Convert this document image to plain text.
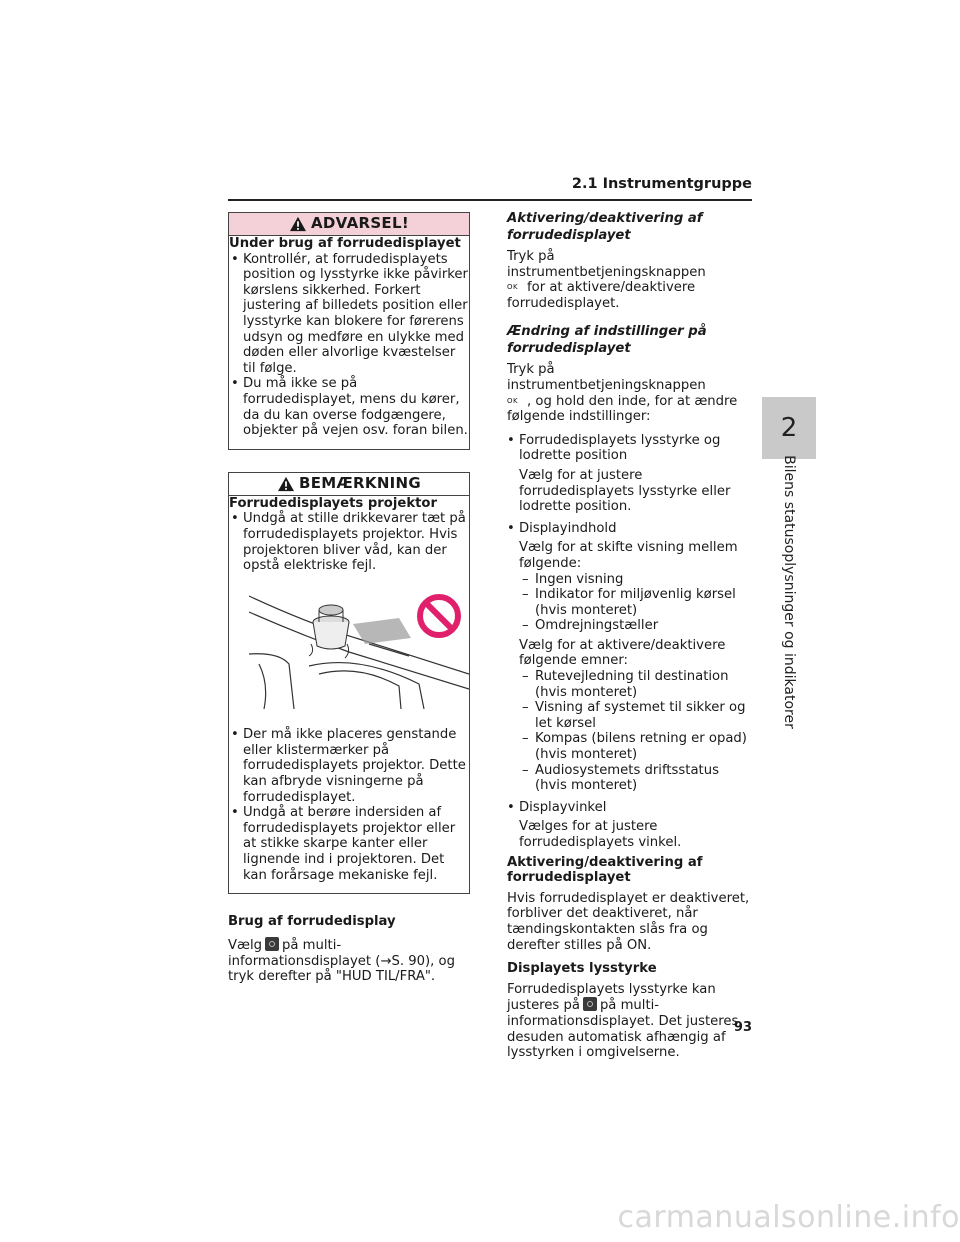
2.1 Instrumentgruppe
2
Bilens statusoplysninger og indikatorer
ADVARSEL!

Under brug af forrudedisplayet

• Kontrollér, at forrudedisplayets position og lysstyrke ikke påvirker kørslens sikkerhed. Forkert justering af billedets position eller lysstyrke kan blokere for førerens udsyn og medføre en ulykke med døden eller alvorlige kvæstelser til følge.

• Du må ikke se på forrudedisplayet, mens du kører, da du kan overse fodgængere, objekter på vejen osv. foran bilen.

BEMÆRKNING

Forrudedisplayets projektor

• Undgå at stille drikkevarer tæt på forrudedisplayets projektor. Hvis projektoren bliver våd, kan der opstå elektriske fejl.

• Der må ikke placeres genstande eller klistermærker på forrudedisplayets projektor. Dette kan afbryde visningerne på forrudedisplayet.

• Undgå at berøre indersiden af forrudedisplayets projektor eller at stikke skarpe kanter eller lignende ind i projektoren. Det kan forårsage mekaniske fejl.

Brug af forrudedisplay

Vælg på multi-informationsdisplayet (→S. 90), og tryk derefter på "HUD TIL/FRA".

Aktivering/deaktivering af forrudedisplayet

Tryk på instrumentbetjeningsknappen
OK for at aktivere/deaktivere forrudedisplayet.

Ændring af indstillinger på forrudedisplayet

Tryk på instrumentbetjeningsknappen
OK , og hold den inde, for at ændre følgende indstillinger:

• Forrudedisplayets lysstyrke og lodrette position

Vælg for at justere forrudedisplayets lysstyrke eller lodrette position.

• Displayindhold

Vælg for at skifte visning mellem følgende:

– Ingen visning

– Indikator for miljøvenlig kørsel (hvis monteret)

– Omdrejningstæller

Vælg for at aktivere/deaktivere følgende emner:

– Rutevejledning til destination (hvis monteret)

– Visning af systemet til sikker og let kørsel

– Kompas (bilens retning er opad) (hvis monteret)

– Audiosystemets driftsstatus (hvis monteret)

• Displayvinkel

Vælges for at justere forrudedisplayets vinkel.

Aktivering/deaktivering af forrudedisplayet

Hvis forrudedisplayet er deaktiveret, forbliver det deaktiveret, når tændingskontakten slås fra og derefter stilles på ON.

Displayets lysstyrke

Forrudedisplayets lysstyrke kan justeres på på multi-informationsdisplayet. Det justeres desuden automatisk afhængig af lysstyrken i omgivelserne.

93
carmanualsonline.info
